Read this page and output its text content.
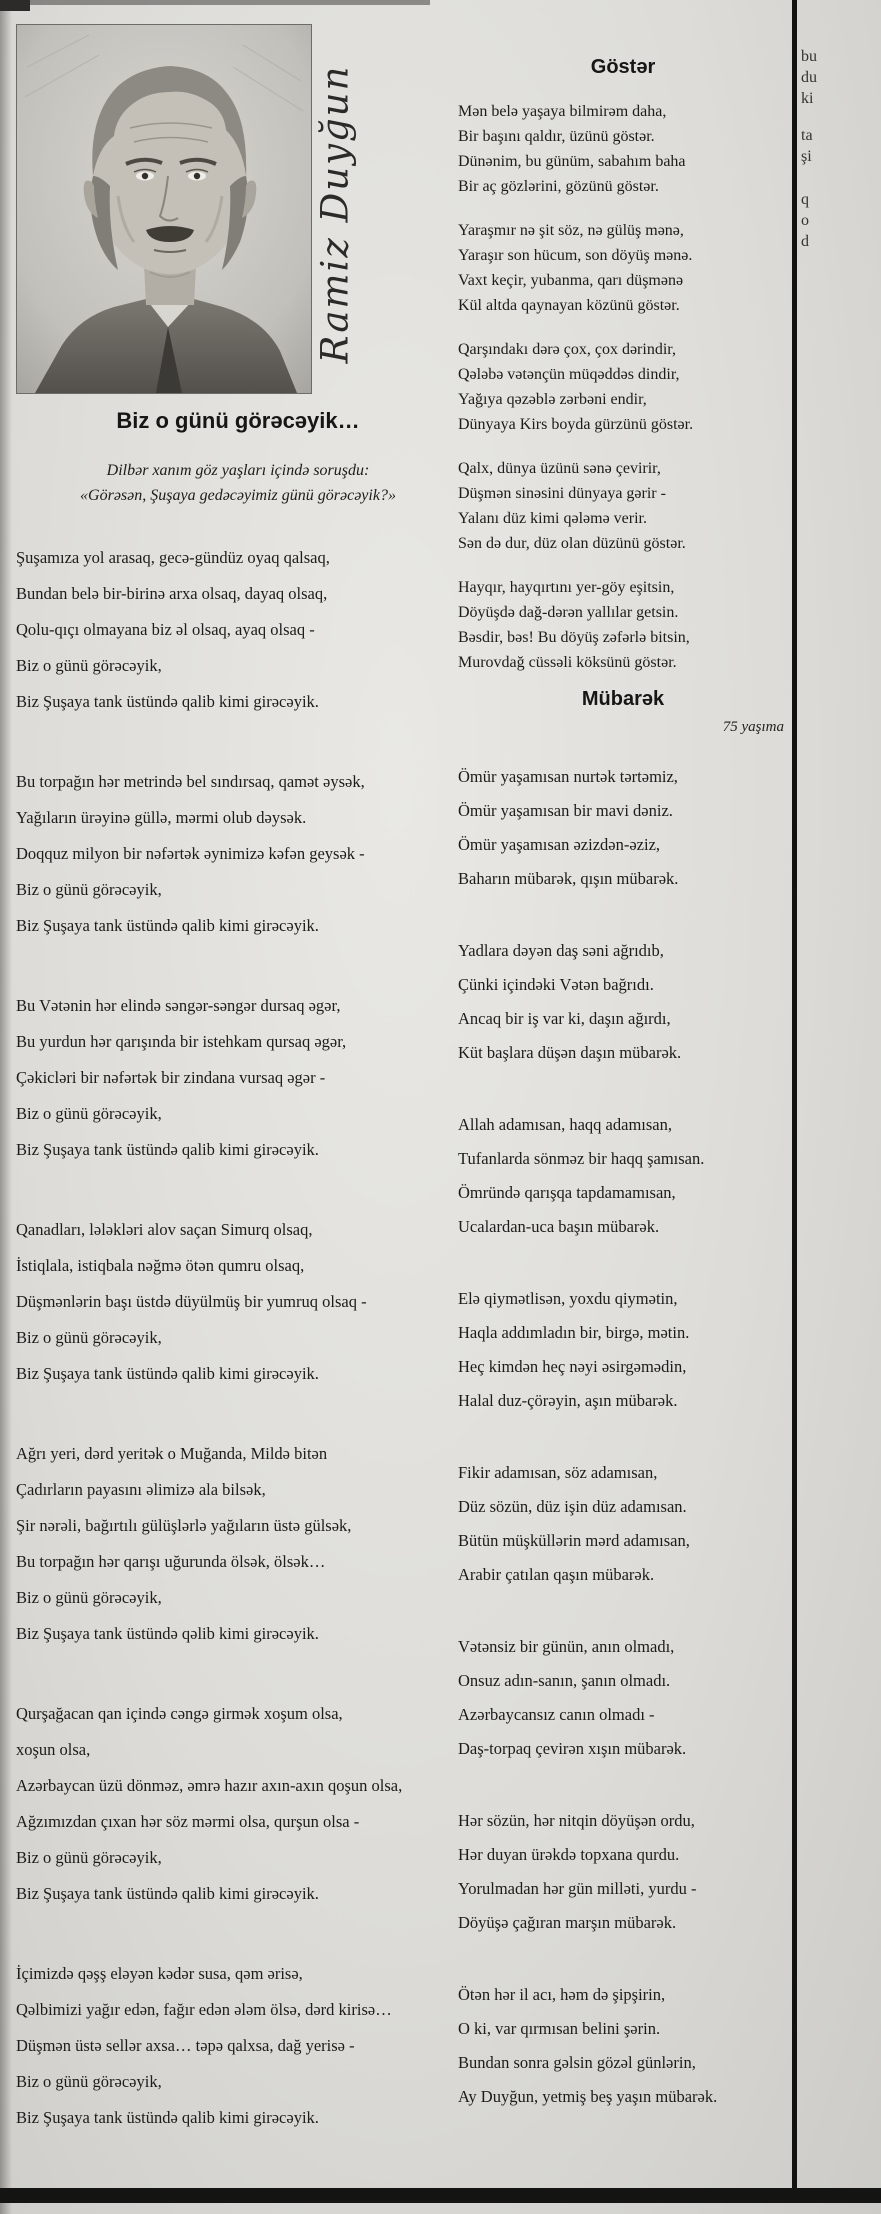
Ramiz Duyğun
Biz o günü görəcəyik…

Dilbər xanım göz yaşları içində soruşdu:

«Görəsən, Şuşaya gedəcəyimiz günü görəcəyik?»

Şuşamıza yol arasaq, gecə-gündüz oyaq qalsaq,

Bundan belə bir-birinə arxa olsaq, dayaq olsaq,

Qolu-qıçı olmayana biz əl olsaq, ayaq olsaq -

Biz o günü görəcəyik,

Biz Şuşaya tank üstündə qalib kimi girəcəyik.

Bu torpağın hər metrində bel sındırsaq, qamət əysək,

Yağıların ürəyinə güllə, mərmi olub dəysək.

Doqquz milyon bir nəfərtək əynimizə kəfən geysək -

Biz o günü görəcəyik,

Biz Şuşaya tank üstündə qalib kimi girəcəyik.

Bu Vətənin hər elində səngər-səngər dursaq əgər,

Bu yurdun hər qarışında bir istehkam qursaq əgər,

Çəkicləri bir nəfərtək bir zindana vursaq əgər -

Biz o günü görəcəyik,

Biz Şuşaya tank üstündə qalib kimi girəcəyik.

Qanadları, lələkləri alov saçan Simurq olsaq,

İstiqlala, istiqbala nəğmə ötən qumru olsaq,

Düşmənlərin başı üstdə düyülmüş bir yumruq olsaq -

Biz o günü görəcəyik,

Biz Şuşaya tank üstündə qalib kimi girəcəyik.

Ağrı yeri, dərd yeritək o Muğanda, Mildə bitən

Çadırların payasını əlimizə ala bilsək,

Şir nərəli, bağırtılı gülüşlərlə yağıların üstə gülsək,

Bu torpağın hər qarışı uğurunda ölsək, ölsək…

Biz o günü görəcəyik,

Biz Şuşaya tank üstündə qəlib kimi girəcəyik.

Qurşağacan qan içində cəngə girmək xoşum olsa,

xoşun olsa,

Azərbaycan üzü dönməz, əmrə hazır axın-axın qoşun olsa,

Ağzımızdan çıxan hər söz mərmi olsa, qurşun olsa -

Biz o günü görəcəyik,

Biz Şuşaya tank üstündə qalib kimi girəcəyik.

İçimizdə qəşş eləyən kədər susa, qəm ərisə,

Qəlbimizi yağır edən, fağır edən ələm ölsə, dərd kirisə…

Düşmən üstə sellər axsa… təpə qalxsa, dağ yerisə -

Biz o günü görəcəyik,

Biz Şuşaya tank üstündə qalib kimi girəcəyik.

Göstər

Mən belə yaşaya bilmirəm daha,

Bir başını qaldır, üzünü göstər.

Dünənim, bu günüm, sabahım baha

Bir aç gözlərini, gözünü göstər.

Yaraşmır nə şit söz, nə gülüş mənə,

Yaraşır son hücum, son döyüş mənə.

Vaxt keçir, yubanma, qarı düşmənə

Kül altda qaynayan közünü göstər.

Qarşındakı dərə çox, çox dərindir,

Qələbə vətənçün müqəddəs dindir,

Yağıya qəzəblə zərbəni endir,

Dünyaya Kirs boyda gürzünü göstər.

Qalx, dünya üzünü sənə çevirir,

Düşmən sinəsini dünyaya gərir -

Yalanı düz kimi qələmə verir.

Sən də dur, düz olan düzünü göstər.

Hayqır, hayqırtını yer-göy eşitsin,

Döyüşdə dağ-dərən yallılar getsin.

Bəsdir, bəs! Bu döyüş zəfərlə bitsin,

Murovdağ cüssəli köksünü göstər.

Mübarək
75 yaşıma

Ömür yaşamısan nurtək tərtəmiz,

Ömür yaşamısan bir mavi dəniz.

Ömür yaşamısan əzizdən-əziz,

Baharın mübarək, qışın mübarək.

Yadlara dəyən daş səni ağrıdıb,

Çünki içindəki Vətən bağrıdı.

Ancaq bir iş var ki, daşın ağırdı,

Küt başlara düşən daşın mübarək.

Allah adamısan, haqq adamısan,

Tufanlarda sönməz bir haqq şamısan.

Ömründə qarışqa tapdamamısan,

Ucalardan-uca başın mübarək.

Elə qiymətlisən, yoxdu qiymətin,

Haqla addımladın bir, birgə, mətin.

Heç kimdən heç nəyi əsirgəmədin,

Halal duz-çörəyin, aşın mübarək.

Fikir adamısan, söz adamısan,

Düz sözün, düz işin düz adamısan.

Bütün müşküllərin mərd adamısan,

Arabir çatılan qaşın mübarək.

Vətənsiz bir günün, anın olmadı,

Onsuz adın-sanın, şanın olmadı.

Azərbaycansız canın olmadı -

Daş-torpaq çevirən xışın mübarək.

Hər sözün, hər nitqin döyüşən ordu,

Hər duyan ürəkdə topxana qurdu.

Yorulmadan hər gün milləti, yurdu -

Döyüşə çağıran marşın mübarək.

Ötən hər il acı, həm də şipşirin,

O ki, var qırmısan belini şərin.

Bundan sonra gəlsin gözəl günlərin,

Ay Duyğun, yetmiş beş yaşın mübarək.

bu
du
ki
ta
şi
q
o
d
